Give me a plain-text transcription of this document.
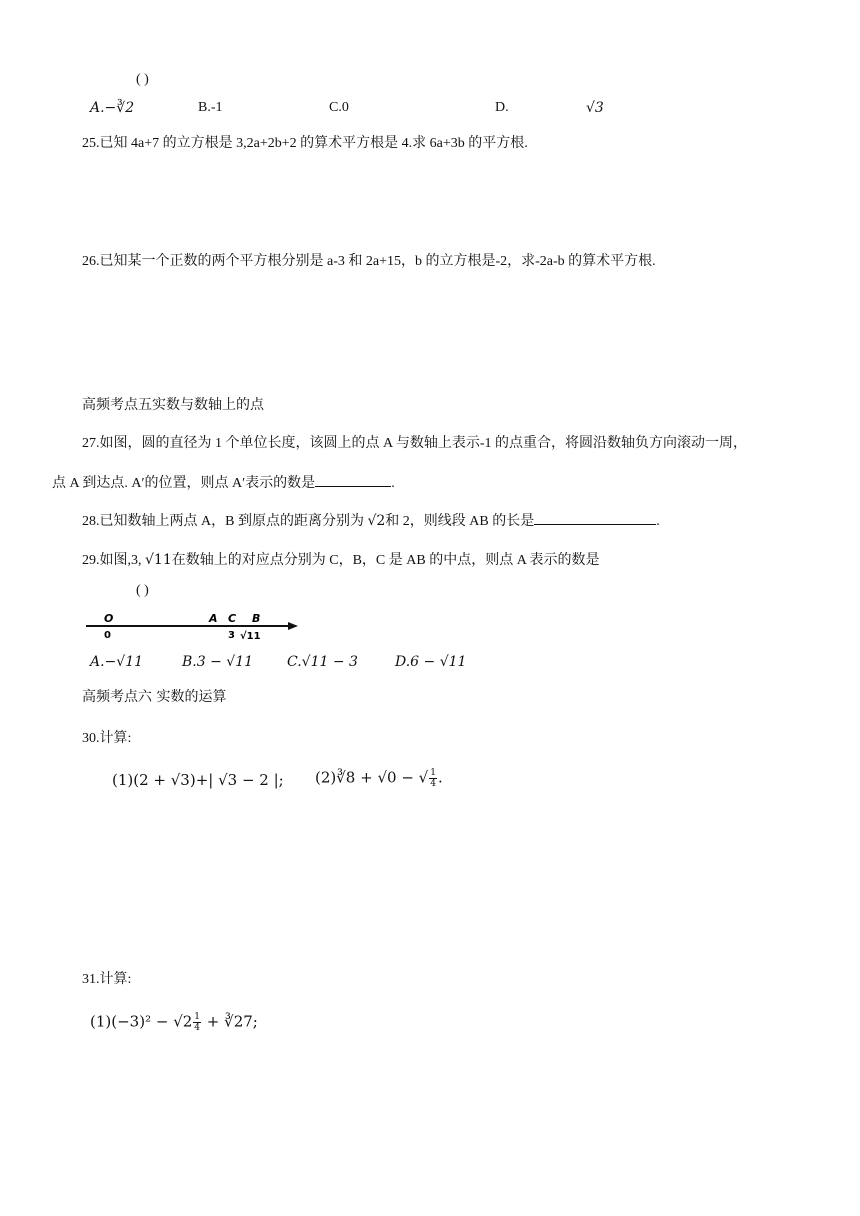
( )
A.−∛2	B.-1	C.0	D.	√3
25.已知 4a+7 的立方根是 3,2a+2b+2 的算术平方根是 4.求 6a+3b 的平方根.
26.已知某一个正数的两个平方根分别是 a-3 和 2a+15，b 的立方根是-2，求-2a-b 的算术平方根.
高频考点五实数与数轴上的点
27.如图，圆的直径为 1 个单位长度，该圆上的点 A 与数轴上表示-1 的点重合，将圆沿数轴负方向滚动一周，
点 A 到达点. A′的位置，则点 A′表示的数是	.
28.已知数轴上两点 A，B 到原点的距离分别为 √2和 2，则线段 AB 的长是	.
29.如图,3, √11在数轴上的对应点分别为 C，B，C 是 AB 的中点，则点 A 表示的数是
( )
O
0
A C
3
B
√11
A.−√11	B.3 − √11 C.√11 − 3	D.6 − √11
高频考点六 实数的运算
30.计算:
(1)(2 + √3)+| √3 − 2 |; (2)∛8 + √0 − √ $\frac{1}{4}$ .
31.计算:
$(1)(-3)^2 - √2 \frac{1}{4}$ + ∛27;
